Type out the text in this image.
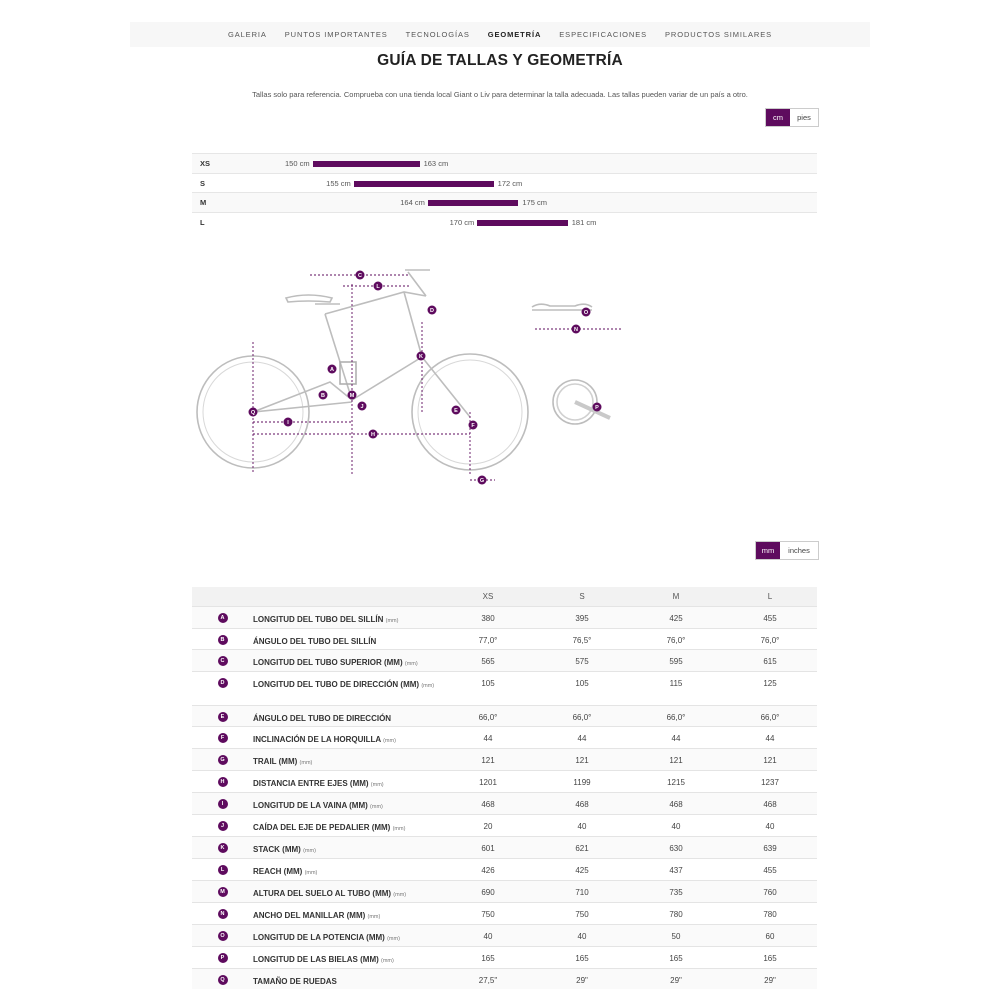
GALERIA	PUNTOS IMPORTANTES	TECNOLOGÍAS	GEOMETRÍA	ESPECIFICACIONES	PRODUCTOS SIMILARES
GUÍA DE TALLAS Y GEOMETRÍA

Tallas solo para referencia. Comprueba con una tienda local Giant o Liv para determinar la talla adecuada. Las tallas pueden variar de un país a otro.

cm	pies
XS	150 cm	163 cm
S	155 cm	172 cm
M	164 cm	175 cm
L	170 cm	181 cm
C
L
D
K
A
B	M
J
Q
I
H
E
F
G
O
N
P
mm	inches
		XS	S	M	L

A	LONGITUD DEL TUBO DEL SILLÍN (mm)	380	395	425	455

B	ÁNGULO DEL TUBO DEL SILLÍN	77,0°	76,5°	76,0°	76,0°

C	LONGITUD DEL TUBO SUPERIOR (MM) (mm)	565	575	595	615

D	LONGITUD DEL TUBO DE DIRECCIÓN (MM) (mm)	105	105	115	125

E	ÁNGULO DEL TUBO DE DIRECCIÓN	66,0°	66,0°	66,0°	66,0°

F	INCLINACIÓN DE LA HORQUILLA (mm)	44	44	44	44

G	TRAIL (MM) (mm)	121	121	121	121

H	DISTANCIA ENTRE EJES (MM) (mm)	1201	1199	1215	1237

I	LONGITUD DE LA VAINA (MM) (mm)	468	468	468	468

J	CAÍDA DEL EJE DE PEDALIER (MM) (mm)	20	40	40	40

K	STACK (MM) (mm)	601	621	630	639

L	REACH (MM) (mm)	426	425	437	455

M	ALTURA DEL SUELO AL TUBO (MM) (mm)	690	710	735	760

N	ANCHO DEL MANILLAR (MM) (mm)	750	750	780	780

O	LONGITUD DE LA POTENCIA (MM) (mm)	40	40	50	60

P	LONGITUD DE LAS BIELAS (MM) (mm)	165	165	165	165

Q	TAMAÑO DE RUEDAS	27,5"	29"	29"	29"
